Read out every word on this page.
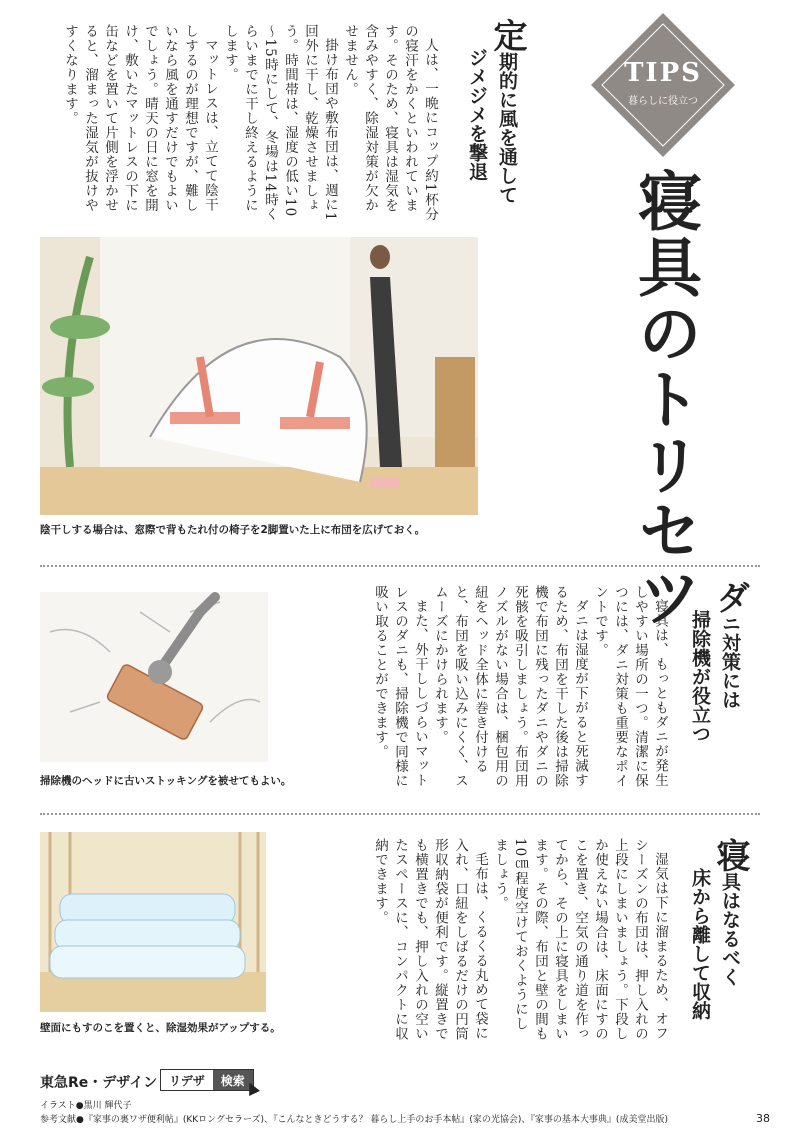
TIPS
暮らしに役立つ
寝具のトリセツ
定期的に風を通して
ジメジメを撃退

人は、一晩にコップ約1杯分の寝汗をかくといわれています。そのため、寝具は湿気を含みやすく、除湿対策が欠かせません。

掛け布団や敷布団は、週に1回外に干し、乾燥させましょう。時間帯は、湿度の低い10～15時にして、冬場は14時くらいまでに干し終えるようにします。

マットレスは、立てて陰干しするのが理想ですが、難しいなら風を通すだけでもよいでしょう。晴天の日に窓を開け、敷いたマットレスの下に缶などを置いて片側を浮かせると、溜まった湿気が抜けやすくなります。

陰干しする場合は、窓際で背もたれ付の椅子を2脚置いた上に布団を広げておく。
ダニ対策には
掃除機が役立つ

寝具は、もっともダニが発生しやすい場所の一つ。清潔に保つには、ダニ対策も重要なポイントです。

ダニは湿度が下がると死滅するため、布団を干した後は掃除機で布団に残ったダニやダニの死骸を吸引しましょう。布団用ノズルがない場合は、梱包用の紐をヘッド全体に巻き付けると、布団を吸い込みにくく、スムーズにかけられます。

また、外干ししづらいマットレスのダニも、掃除機で同様に吸い取ることができます。

掃除機のヘッドに古いストッキングを被せてもよい。
寝具はなるべく
床から離して収納

湿気は下に溜まるため、オフシーズンの布団は、押し入れの上段にしまいましょう。下段しか使えない場合は、床面にすのこを置き、空気の通り道を作ってから、その上に寝具をしまいます。その際、布団と壁の間も10㎝程度空けておくようにしましょう。

毛布は、くるくる丸めて袋に入れ、口紐をしばるだけの円筒形収納袋が便利です。縦置きでも横置きでも、押し入れの空いたスペースに、コンパクトに収納できます。

壁面にもすのこを置くと、除湿効果がアップする。
東急Re・デザイン リデザ	検索
イラスト●黒川 輝代子
参考文献●『家事の裏ワザ便利帖』(KKロングセラーズ)、『こんなときどうする？ 暮らし上手のお手本帖』(家の光協会)、『家事の基本大事典』(成美堂出版)	38
